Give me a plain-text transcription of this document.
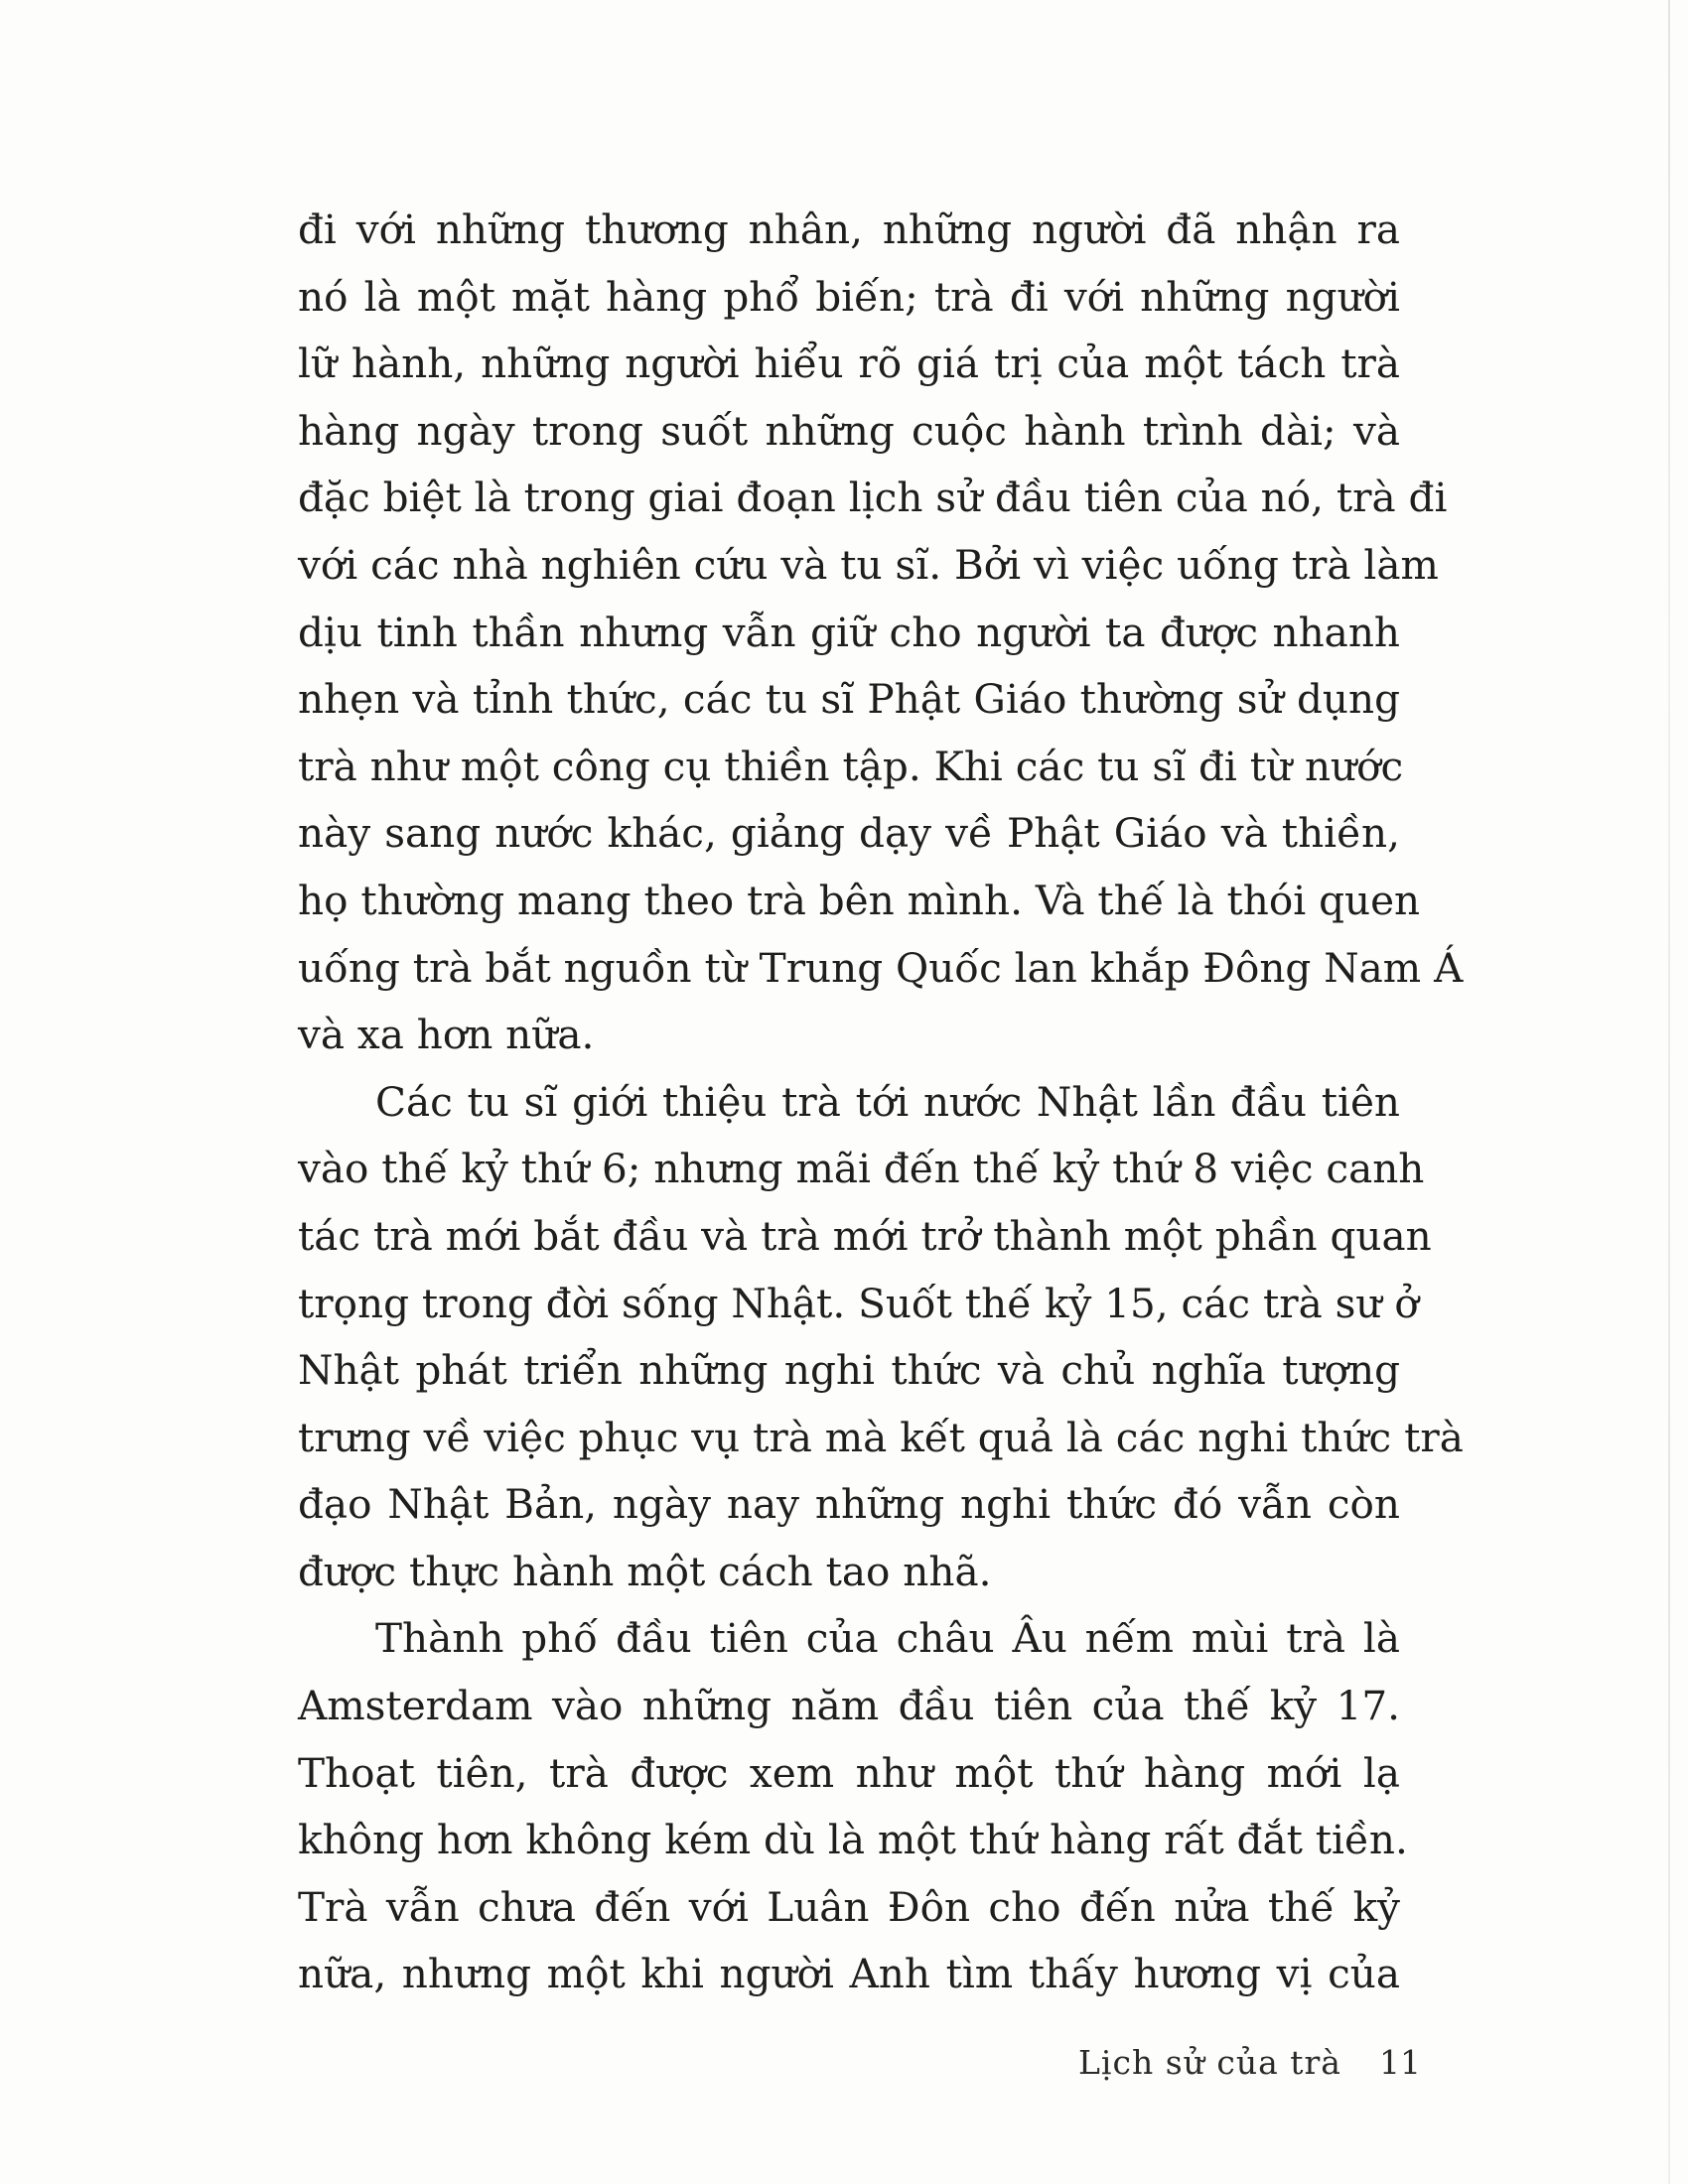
đi với những thương nhân, những người đã nhận ra
nó là một mặt hàng phổ biến; trà đi với những người
lữ hành, những người hiểu rõ giá trị của một tách trà
hàng ngày trong suốt những cuộc hành trình dài; và
đặc biệt là trong giai đoạn lịch sử đầu tiên của nó, trà đi
với các nhà nghiên cứu và tu sĩ. Bởi vì việc uống trà làm
dịu tinh thần nhưng vẫn giữ cho người ta được nhanh
nhẹn và tỉnh thức, các tu sĩ Phật Giáo thường sử dụng
trà như một công cụ thiền tập. Khi các tu sĩ đi từ nước
này sang nước khác, giảng dạy về Phật Giáo và thiền,
họ thường mang theo trà bên mình. Và thế là thói quen
uống trà bắt nguồn từ Trung Quốc lan khắp Đông Nam Á
và xa hơn nữa.
Các tu sĩ giới thiệu trà tới nước Nhật lần đầu tiên
vào thế kỷ thứ 6; nhưng mãi đến thế kỷ thứ 8 việc canh
tác trà mới bắt đầu và trà mới trở thành một phần quan
trọng trong đời sống Nhật. Suốt thế kỷ 15, các trà sư ở
Nhật phát triển những nghi thức và chủ nghĩa tượng
trưng về việc phục vụ trà mà kết quả là các nghi thức trà
đạo Nhật Bản, ngày nay những nghi thức đó vẫn còn
được thực hành một cách tao nhã.
Thành phố đầu tiên của châu Âu nếm mùi trà là
Amsterdam vào những năm đầu tiên của thế kỷ 17.
Thoạt tiên, trà được xem như một thứ hàng mới lạ
không hơn không kém dù là một thứ hàng rất đắt tiền.
Trà vẫn chưa đến với Luân Đôn cho đến nửa thế kỷ
nữa, nhưng một khi người Anh tìm thấy hương vị của
Lịch sử của trà 11
